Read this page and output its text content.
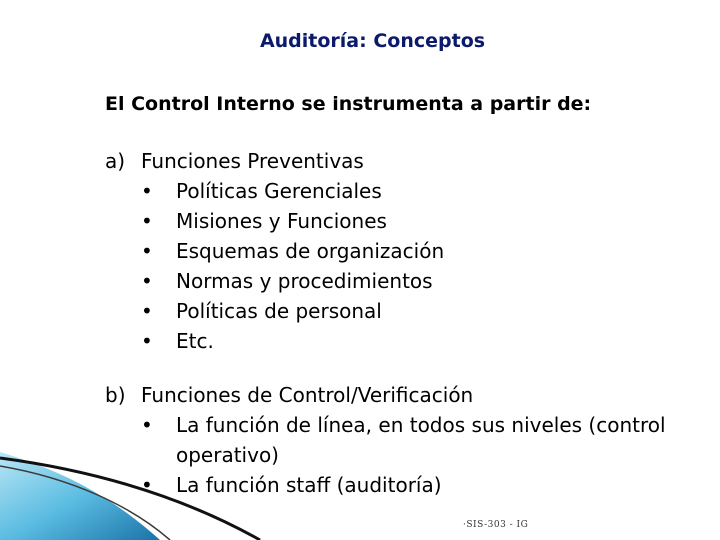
Auditoría: Conceptos
El Control Interno se instrumenta a partir de:
a) Funciones Preventivas
• Políticas Gerenciales
• Misiones y Funciones
• Esquemas de organización
• Normas y procedimientos
• Políticas de personal
• Etc.
b) Funciones de Control/Verificación
• La función de línea, en todos sus niveles (control operativo)
• La función staff (auditoría)
·SIS-303 - IG
